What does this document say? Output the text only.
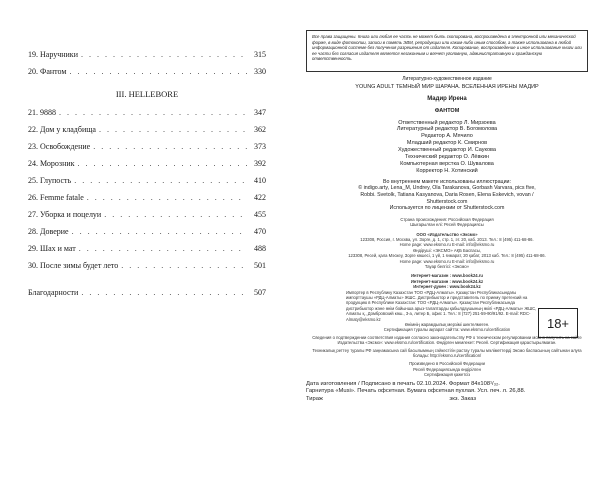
19. Наручники . . .	315
20. Фантом . . .	330
III. HELLEBORE
21. 9888 . . .	347
22. Дом у кладбища . . .	362
23. Освобождение . . .	373
24. Морозник . . .	392
25. Глупость . . .	410
26. Femme fatale . . .	422
27. Уборка и поцелуи . . .	455
28. Доверие . . .	470
29. Шах и мат . . .	488
30. После зимы будет лето . . .	501
Благодарности . . .	507
Все права защищены. Книга или любая ее часть не может быть скопирована, воспроизведена в электронной или механической форме, в виде фотокопии, записи в память ЭВМ, репродукции или каким-либо иным способом, а также использована в любой информационной системе без получения разрешения от издателя. Копирование, воспроизведение и иное использование книги или ее части без согласия издателя является незаконным и влечет уголовную, административную и гражданскую ответственность.
Литературно-художественное издание
YOUNG ADULT ТЕМНЫЙ МИР ШАРАНА. ВСЕЛЕННАЯ ИРЕНЫ МАДИР
Мадир Ирена
ФАНТОМ
Ответственный редактор Л. Мирзоева
Литературный редактор В. Богомолова
Редактор А. Мячило
Младший редактор К. Смирнов
Художественный редактор И. Саукова
Технический редактор О. Лёвкин
Компьютерная верстка О. Шувалова
Корректор Н. Хотинский
Во внутреннем макете использованы иллюстрации:
© indigo.arty, Lena_M, Undrey, Ola Tarakanova, Gorbash Varvara, pics five,
Robbi. Svetolk, Tatiana Kasyanova, Daria Rosen, Elena Eskevich, vovan /
Shutterstock.com
Используется по лицензии от Shutterstock.com
Страна происхождения: Российская Федерация
Шығарылған елі: Ресей Федерациясы
ООО «Издательство «Эксмо»
123308, Россия, г. Москва, ул. Зорге, д. 1, стр. 1, эт. 20, каб. 2013. Тел.: 8 (495) 411-68-86.
Home page: www.eksmo.ru E-mail: info@eksmo.ru
Өндіруші: «ЭКСМО» АҚБ Баспасы,
123308, Ресей, қала Мәскеу, Зорге көшесі, 1 үй, 1 ғимарат, 20 қабат, 2013 каб. Тел.: 8 (495) 411-68-86.
Home page: www.eksmo.ru E-mail: info@eksmo.ru
Тауар белгісі: «Эксмо»
Интернет-магазин : www.book24.ru
Интернет-магазин : www.book24.kz
Интернет-дүкен : www.book24.kz
Импортер в Республику Казахстан ТОО «РДЦ-Алматы». Қазақстан Республикасындағы импорттаушы «РДЦ-Алматы» ЖШС. Дистрибьютор и представитель по приему претензий на продукцию в Республике Казахстан: ТОО «РДЦ-Алматы». Қазақстан Республикасында дистрибьютор және өнім бойынша арыз-талаптарды қабылдаушының өкілі «РДЦ-Алматы» ЖШС, Алматы қ., Домбровский көш., 3-а, литер Б, офис 1. Тел.: 8 (727) 251-59-90/91/92. E-mail: RDC-Almaty@eksmo.kz
Өнімнің жарамдылық мерзімі шектелмеген.
Сертификация туралы ақпарат сайтта: www.eksmo.ru/certification
Сведения о подтверждении соответствия издания согласно законодательству РФ о техническом регулировании можно получить на сайте Издательства «Эксмо»: www.eksmo.ru/certification. Өндірген мемлекет: Ресей. Сертификация қарастырылмаған.
Техникалық реттеу туралы РФ заңнамасына сай басылымның сәйкестігін растау туралы мәліметтерді Эксмо баспасының сайтынан алуға болады: http://eksmo.ru/certification/
Произведено в Российской Федерации
Ресей Федерациясында өндірілген
Сертификация қажетсіз
Дата изготовления / Подписано в печать 02.10.2024. Формат 84x108¹/₃₂.
Гарнитура «Musi». Печать офсетная. Бумага офсетная пухлая. Усл. печ. л. 26,88.
Тираж	экз. Заказ
18+
